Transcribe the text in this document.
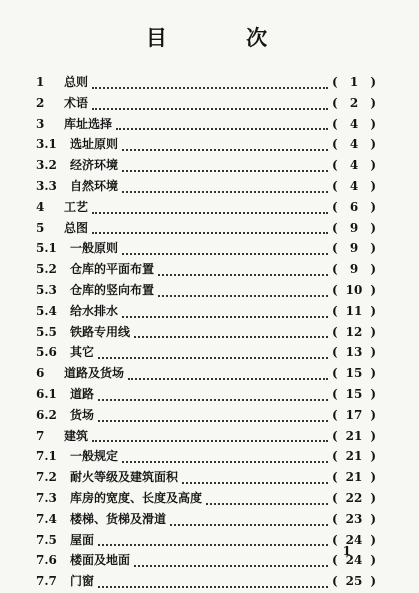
目 次
1	总则	(	1	)
2	术语	(	2	)
3	库址选择	(	4	)
3.1	选址原则	(	4	)
3.2	经济环境	(	4	)
3.3	自然环境	(	4	)
4	工艺	(	6	)
5	总图	(	9	)
5.1	一般原则	(	9	)
5.2	仓库的平面布置	(	9	)
5.3	仓库的竖向布置	( 10 )
5.4	给水排水	( 11 )
5.5	铁路专用线	( 12 )
5.6	其它	( 13 )
6	道路及货场	( 15 )
6.1	道路	( 15 )
6.2	货场	( 17 )
7	建筑	( 21 )
7.1	一般规定	( 21 )
7.2	耐火等级及建筑面积	( 21 )
7.3	库房的宽度、长度及高度	( 22 )
7.4	楼梯、货梯及滑道	( 23 )
7.5	屋面	( 24 )
7.6	楼面及地面	( 24 )
7.7	门窗	( 25 )
1
